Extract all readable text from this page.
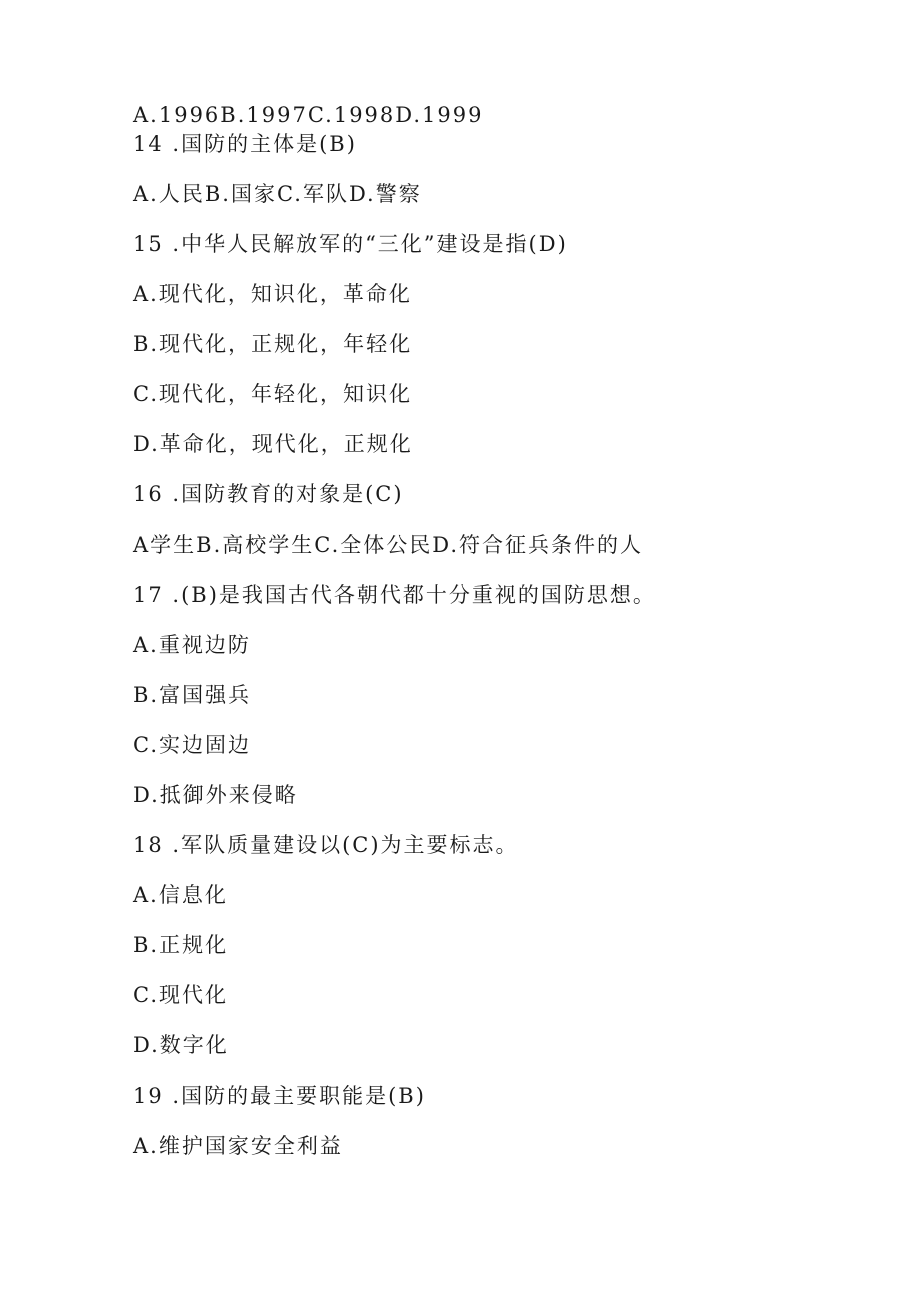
A.1996B.1997C.1998D.1999
14 .国防的主体是(B)
A.人民B.国家C.军队D.警察
15 .中华人民解放军的“三化”建设是指(D)
A.现代化，知识化，革命化
B.现代化，正规化，年轻化
C.现代化，年轻化，知识化
D.革命化，现代化，正规化
16 .国防教育的对象是(C)
A学生B.高校学生C.全体公民D.符合征兵条件的人
17 .(B)是我国古代各朝代都十分重视的国防思想。
A.重视边防
B.富国强兵
C.实边固边
D.抵御外来侵略
18 .军队质量建设以(C)为主要标志。
A.信息化
B.正规化
C.现代化
D.数字化
19 .国防的最主要职能是(B)
A.维护国家安全利益
